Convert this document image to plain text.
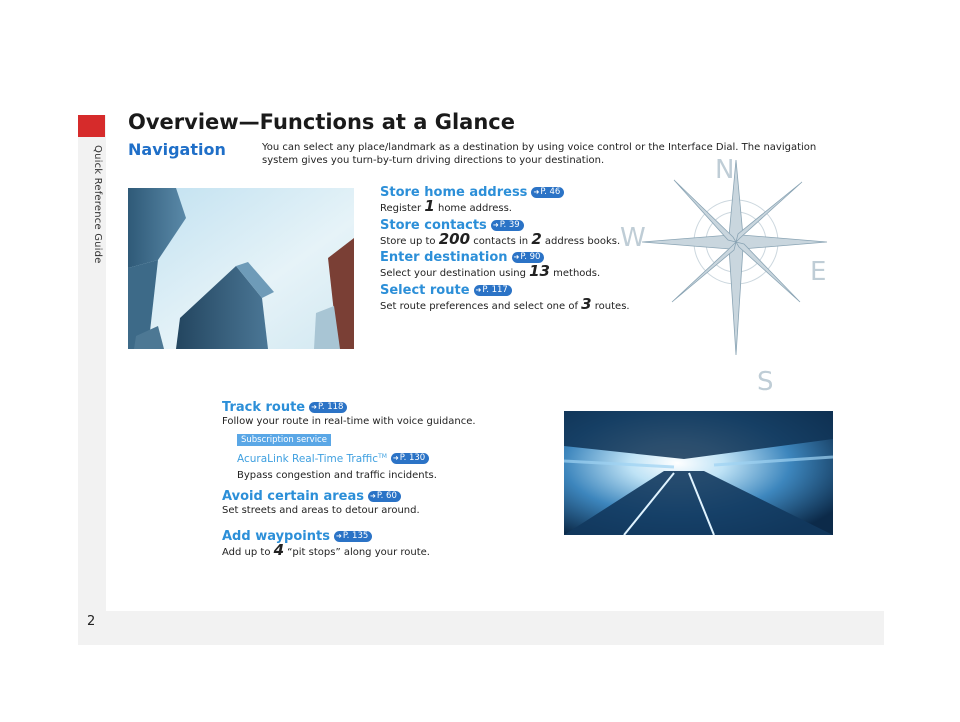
Quick Reference Guide
2
Overview—Functions at a Glance
Navigation	You can select any place/landmark as a destination by using voice control or the Interface Dial. The navigation system gives you turn-by-turn driving directions to your destination.	N
W
E
S
Store home address ➜P. 46
Register 1 home address.
Store contacts ➜P. 39
Store up to 200 contacts in 2 address books.
Enter destination ➜P. 90
Select your destination using 13 methods.
Select route ➜P. 117
Set route preferences and select one of 3 routes.
Track route ➜P. 118
Follow your route in real-time with voice guidance.
Subscription service
AcuraLink Real-Time Traffic™ ➜P. 130
Bypass congestion and traffic incidents.
Avoid certain areas ➜P. 60
Set streets and areas to detour around.
Add waypoints ➜P. 135
Add up to 4 “pit stops” along your route.
